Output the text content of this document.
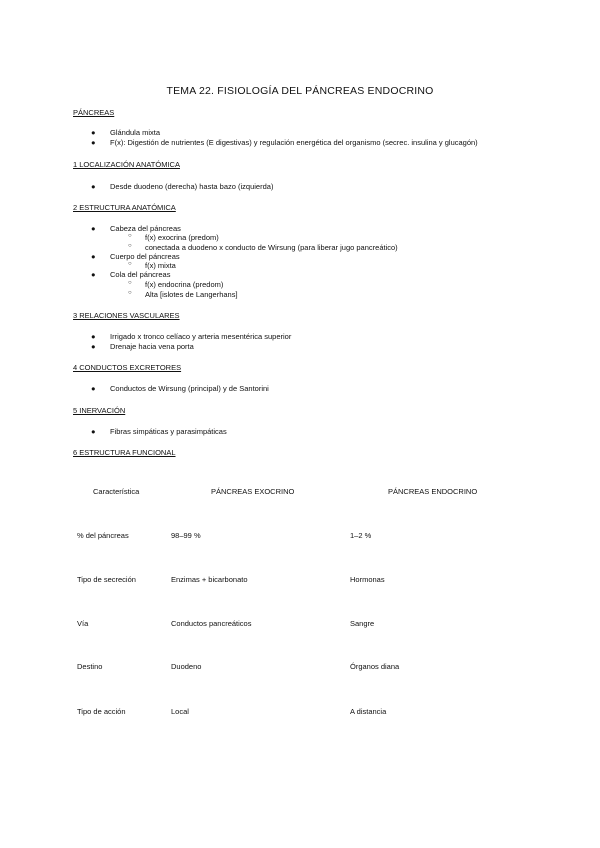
TEMA 22. FISIOLOGÍA DEL PÁNCREAS ENDOCRINO
PÁNCREAS
● Glándula mixta
● F(x): Digestión de nutrientes (E digestivas) y regulación energética del organismo (secrec. insulina y glucagón)
1 LOCALIZACIÓN ANATÓMICA
● Desde duodeno (derecha) hasta bazo (izquierda)
2 ESTRUCTURA ANATÓMICA
● Cabeza del páncreas
○ f(x) exocrina (predom)
○ conectada a duodeno x conducto de Wirsung (para liberar jugo pancreático)
● Cuerpo del páncreas
○ f(x) mixta
● Cola del páncreas
○ f(x) endocrina (predom)
○ Alta [islotes de Langerhans]
3 RELACIONES VASCULARES
● Irrigado x tronco celíaco y arteria mesentérica superior
● Drenaje hacia vena porta
4 CONDUCTOS EXCRETORES
● Conductos de Wirsung (principal) y de Santorini
5 INERVACIÓN
● Fibras simpáticas y parasimpáticas
6 ESTRUCTURA FUNCIONAL
Característica	PÁNCREAS EXOCRINO	PÁNCREAS ENDOCRINO
% del páncreas	98–99 %	1–2 %
Tipo de secreción	Enzimas + bicarbonato	Hormonas
Vía	Conductos pancreáticos	Sangre
Destino	Duodeno	Órganos diana
Tipo de acción	Local	A distancia
